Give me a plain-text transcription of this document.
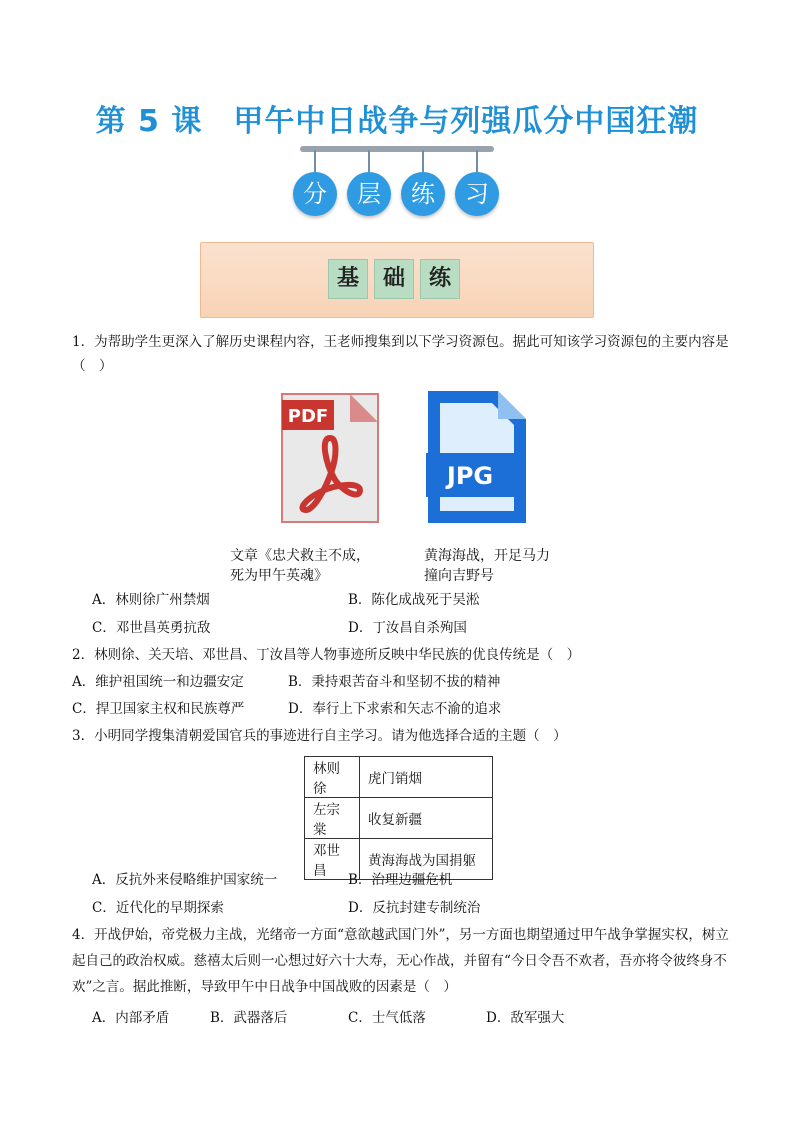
第 5 课　甲午中日战争与列强瓜分中国狂潮
分	层	练	习
基	础	练
1．为帮助学生更深入了解历史课程内容，王老师搜集到以下学习资源包。据此可知该学习资源包的主要内容是（　）
PDF
JPG
文章《忠犬救主不成，
死为甲午英魂》
黄海海战，开足马力
撞向吉野号
A．林则徐广州禁烟	B．陈化成战死于吴淞
C．邓世昌英勇抗敌	D．丁汝昌自杀殉国
2．林则徐、关天培、邓世昌、丁汝昌等人物事迹所反映中华民族的优良传统是（　）
A．维护祖国统一和边疆安定	B．秉持艰苦奋斗和坚韧不拔的精神
C．捍卫国家主权和民族尊严	D．奉行上下求索和矢志不渝的追求
3．小明同学搜集清朝爱国官兵的事迹进行自主学习。请为他选择合适的主题（　）
林则徐	虎门销烟
左宗棠	收复新疆
邓世昌	黄海海战为国捐躯
A．反抗外来侵略维护国家统一	B．治理边疆危机
C．近代化的早期探索	D．反抗封建专制统治
4．开战伊始，帝党极力主战，光绪帝一方面“意欲越武国门外”，另一方面也期望通过甲午战争掌握实权，树立起自己的政治权威。慈禧太后则一心想过好六十大寿，无心作战，并留有“今日令吾不欢者，吾亦将令彼终身不欢”之言。据此推断，导致甲午中日战争中国战败的因素是（　）
A．内部矛盾	B．武器落后	C．士气低落	D．敌军强大
